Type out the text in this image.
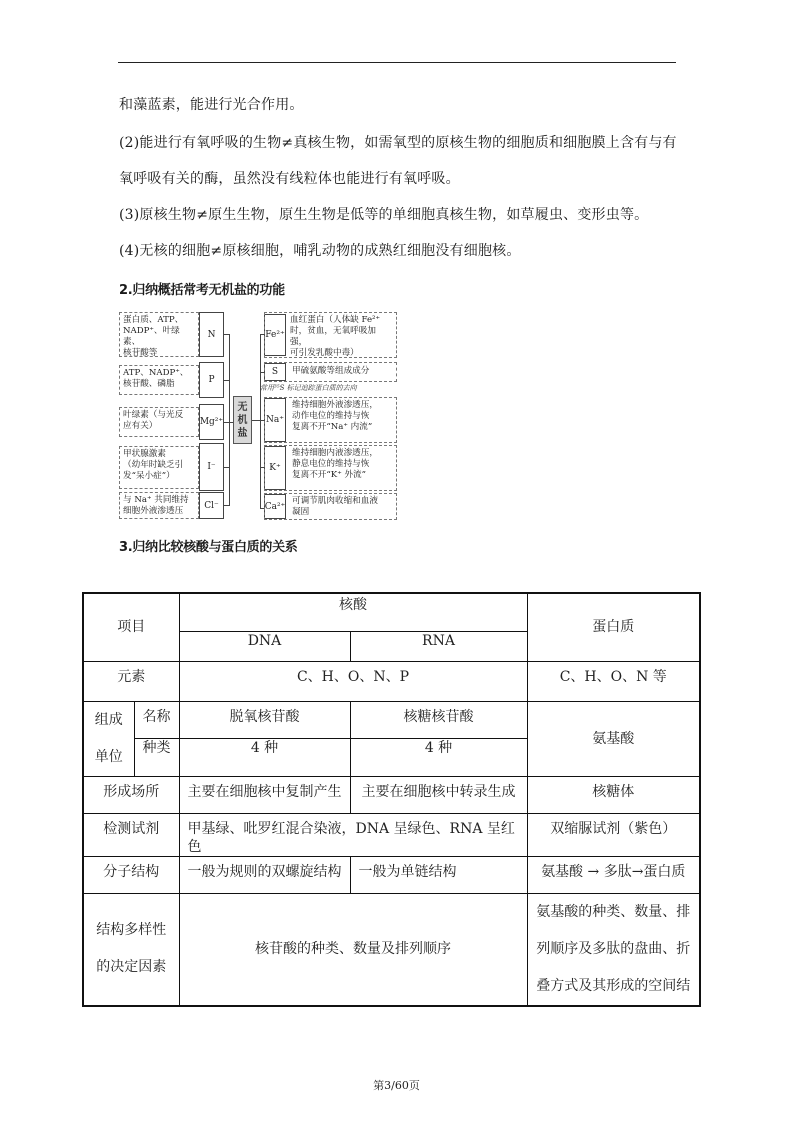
和藻蓝素，能进行光合作用。
(2)能进行有氧呼吸的生物≠真核生物，如需氧型的原核生物的细胞质和细胞膜上含有与有
氧呼吸有关的酶，虽然没有线粒体也能进行有氧呼吸。
(3)原核生物≠原生生物，原生生物是低等的单细胞真核生物，如草履虫、变形虫等。
(4)无核的细胞≠原核细胞，哺乳动物的成熟红细胞没有细胞核。
2.归纳概括常考无机盐的功能
蛋白质、ATP、
NADP⁺、叶绿素、
核苷酸等
N
ATP、NADP⁺、
核苷酸、磷脂	P
叶绿素（与光反
应有关）	Mg²⁺
甲状腺激素
（幼年时缺乏引
发“呆小症”）
I⁻
与 Na⁺ 共同维持
细胞外液渗透压
Cl⁻
无
机
盐
Fe²⁺
血红蛋白（人体缺 Fe²⁺
时，贫血，无氧呼吸加强，
可引发乳酸中毒）
S	甲硫氨酸等组成成分
常用³⁵S 标记追踪蛋白质的去向
Na⁺
维持细胞外液渗透压，
动作电位的维持与恢
复离不开“Na⁺ 内流”
K⁺
维持细胞内液渗透压，
静息电位的维持与恢
复离不开“K⁺ 外流”
Ca²⁺
可调节肌肉收缩和血液
凝固
3.归纳比较核酸与蛋白质的关系
项目		核酸		蛋白质
		DNA	RNA	
元素		C、H、O、N、P		C、H、O、N 等

组成
单位	名称	脱氧核苷酸	核糖核苷酸	氨基酸
	种类	4 种	4 种	
形成场所		主要在细胞核中复制产生	主要在细胞核中转录生成	核糖体
检测试剂		甲基绿、吡罗红混合染液，DNA 呈绿色、RNA 呈红色		双缩脲试剂（紫色）
分子结构		一般为规则的双螺旋结构	一般为单链结构	氨基酸 → 多肽→蛋白质

结构多样性
的决定因素
	核苷酸的种类、数量及排列顺序	
氨基酸的种类、数量、排
列顺序及多肽的盘曲、折
叠方式及其形成的空间结
第3/60页
